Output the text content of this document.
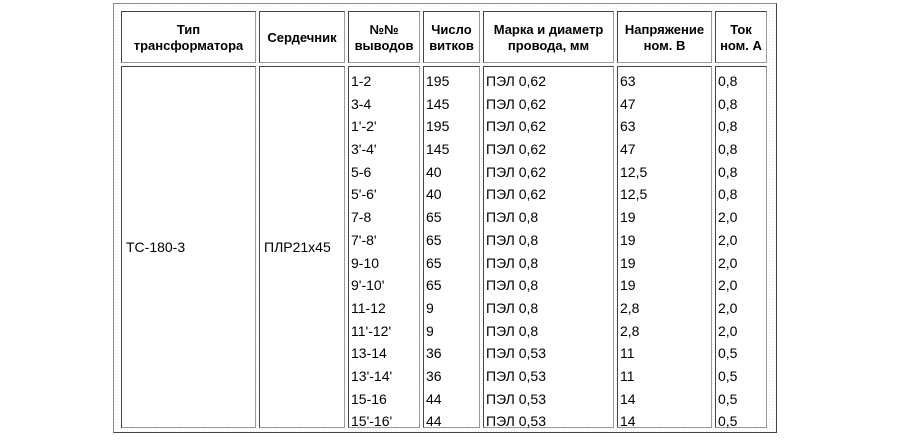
Тип
трансформатора
Сердечник
№№
выводов
Число
витков
Марка и диаметр
провода, мм
Напряжение
ном. В
Ток
ном. А
ТС-180-3	ПЛР21х45
1-2
3-4
1'-2'
3'-4'
5-6
5'-6'
7-8
7'-8'
9-10
9'-10'
11-12
11'-12'
13-14
13'-14'
15-16
15'-16'
195
145
195
145
40
40
65
65
65
65
9
9
36
36
44
44
ПЭЛ 0,62
ПЭЛ 0,62
ПЭЛ 0,62
ПЭЛ 0,62
ПЭЛ 0,62
ПЭЛ 0,62
ПЭЛ 0,8
ПЭЛ 0,8
ПЭЛ 0,8
ПЭЛ 0,8
ПЭЛ 0,8
ПЭЛ 0,8
ПЭЛ 0,53
ПЭЛ 0,53
ПЭЛ 0,53
ПЭЛ 0,53
63
47
63
47
12,5
12,5
19
19
19
19
2,8
2,8
11
11
14
14
0,8
0,8
0,8
0,8
0,8
0,8
2,0
2,0
2,0
2,0
2,0
2,0
0,5
0,5
0,5
0,5
